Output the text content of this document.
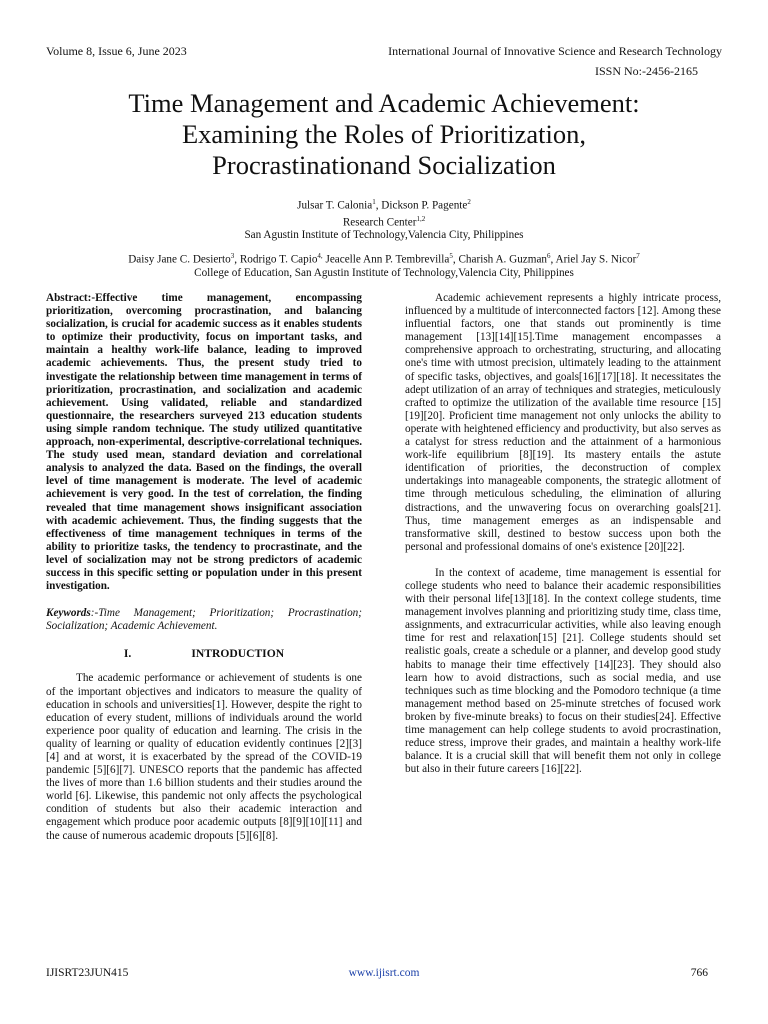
Volume 8, Issue 6, June 2023	International Journal of Innovative Science and Research Technology
ISSN No:-2456-2165
Time Management and Academic Achievement:
Examining the Roles of Prioritization,
Procrastinationand Socialization
Julsar T. Calonia$^1$, Dickson P. Pagente$^2$
Research Center$^{1,2}$
San Agustin Institute of Technology,Valencia City, Philippines
Daisy Jane C. Desierto$^3$, Rodrigo T. Capio$^{4,}$ Jeacelle Ann P. Tembrevilla$^5$, Charish A. Guzman$^6$, Ariel Jay S. Nicor$^7$
College of Education, San Agustin Institute of Technology,Valencia City, Philippines

Abstract:-Effective time management, encompassing prioritization, overcoming procrastination, and balancing socialization, is crucial for academic success as it enables students to optimize their productivity, focus on important tasks, and maintain a healthy work-life balance, leading to improved academic achievements. Thus, the present study tried to investigate the relationship between time management in terms of prioritization, procrastination, and socialization and academic achievement. Using validated, reliable and standardized questionnaire, the researchers surveyed 213 education students using simple random technique. The study utilized quantitative approach, non-experimental, descriptive-correlational techniques. The study used mean, standard deviation and correlational analysis to analyzed the data. Based on the findings, the overall level of time management is moderate. The level of academic achievement is very good. In the test of correlation, the finding revealed that time management shows insignificant association with academic achievement. Thus, the finding suggests that the effectiveness of time management techniques in terms of the ability to prioritize tasks, the tendency to procrastinate, and the level of socialization may not be strong predictors of academic success in this specific setting or population under in this present investigation.

Keywords:-Time Management; Prioritization; Procrastination; Socialization; Academic Achievement.

I.	INTRODUCTION

The academic performance or achievement of students is one of the important objectives and indicators to measure the quality of education in schools and universities[1]. However, despite the right to education of every student, millions of individuals around the world experience poor quality of education and learning. The crisis in the quality of learning or quality of education evidently continues [2][3][4] and at worst, it is exacerbated by the spread of the COVID-19 pandemic [5][6][7]. UNESCO reports that the pandemic has affected the lives of more than 1.6 billion students and their studies around the world [6]. Likewise, this pandemic not only affects the psychological condition of students but also their academic interaction and engagement which produce poor academic outputs [8][9][10][11] and the cause of numerous academic dropouts [5][6][8].

Academic achievement represents a highly intricate process, influenced by a multitude of interconnected factors [12]. Among these influential factors, one that stands out prominently is time management [13][14][15].Time management encompasses a comprehensive approach to orchestrating, structuring, and allocating one's time with utmost precision, ultimately leading to the attainment of specific tasks, objectives, and goals[16][17][18]. It necessitates the adept utilization of an array of techniques and strategies, meticulously crafted to optimize the utilization of the available time resource [15][19][20]. Proficient time management not only unlocks the ability to operate with heightened efficiency and productivity, but also serves as a catalyst for stress reduction and the attainment of a harmonious work-life equilibrium [8][19]. Its mastery entails the astute identification of priorities, the deconstruction of complex undertakings into manageable components, the strategic allotment of time through meticulous scheduling, the elimination of alluring distractions, and the unwavering focus on overarching goals[21]. Thus, time management emerges as an indispensable and transformative skill, destined to bestow success upon both the personal and professional domains of one's existence [20][22].

In the context of academe, time management is essential for college students who need to balance their academic responsibilities with their personal life[13][18]. In the context college students, time management involves planning and prioritizing study time, class time, assignments, and extracurricular activities, while also leaving enough time for rest and relaxation[15] [21]. College students should set realistic goals, create a schedule or a planner, and develop good study habits to manage their time effectively [14][23]. They should also learn how to avoid distractions, such as social media, and use techniques such as time blocking and the Pomodoro technique (a time management method based on 25-minute stretches of focused work broken by five-minute breaks) to focus on their studies[24]. Effective time management can help college students to avoid procrastination, reduce stress, improve their grades, and maintain a healthy work-life balance. It is a crucial skill that will benefit them not only in college but also in their future careers [16][22].

IJISRT23JUN415	www.ijisrt.com	766
